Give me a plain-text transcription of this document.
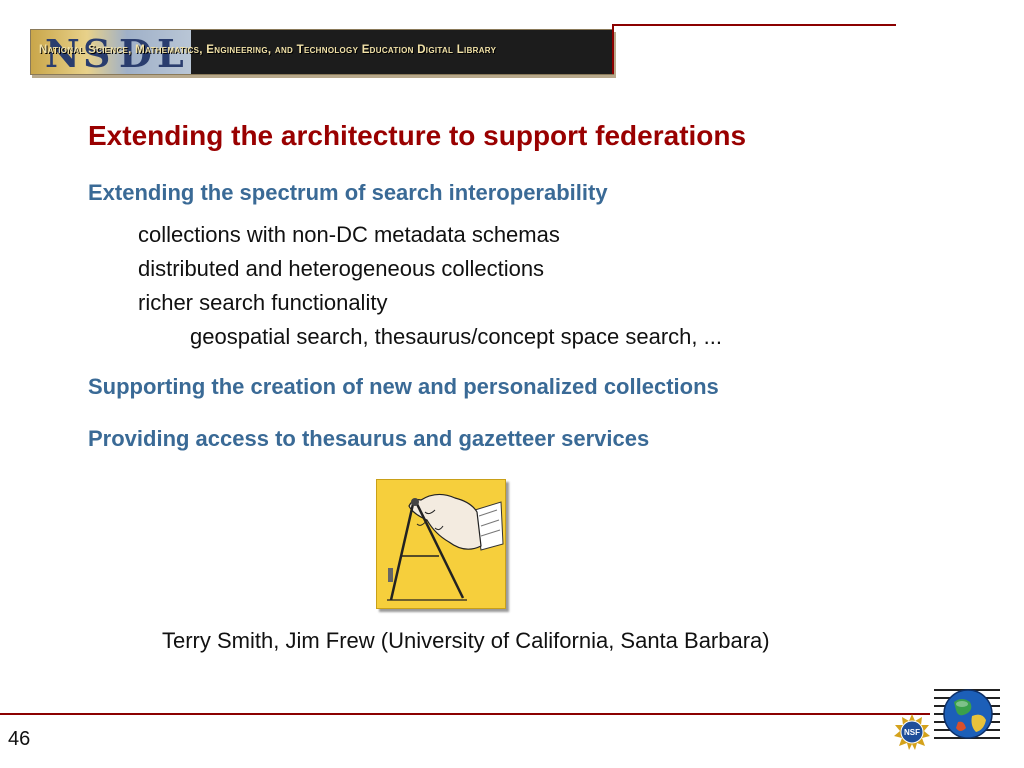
N S D L
National Science, Mathematics, Engineering, and Technology Education Digital Library
Extending the architecture to support federations

Extending the spectrum of search interoperability

collections with non-DC metadata schemas

distributed and heterogeneous collections

richer search functionality

geospatial search, thesaurus/concept space search, ...

Supporting the creation of new and personalized collections

Providing access to thesaurus and gazetteer services

Terry Smith, Jim Frew (University of California, Santa Barbara)

46	NSF
